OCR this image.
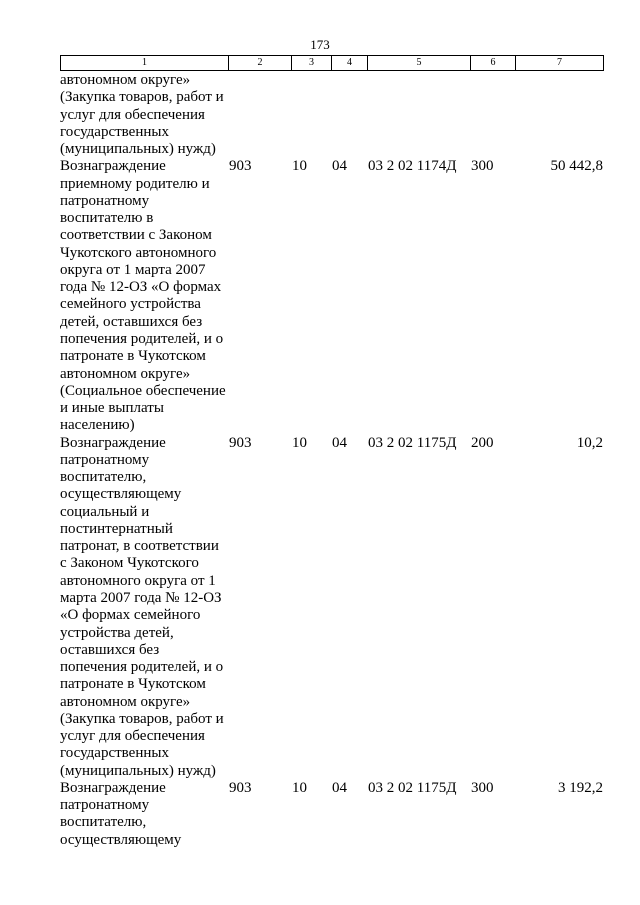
173
1	2	3	4	5	6	7
автономном округе»
(Закупка товаров, работ и
услуг для обеспечения
государственных
(муниципальных) нужд)
Вознаграждение
приемному родителю и
патронатному
воспитателю в
соответствии с Законом
Чукотского автономного
округа от 1 марта 2007
года № 12-ОЗ «О формах
семейного устройства
детей, оставшихся без
попечения родителей, и о
патронате в Чукотском
автономном округе»
(Социальное обеспечение
и иные выплаты
населению)
903	10	04	03 2 02 1174Д 300	50 442,8
Вознаграждение
патронатному
воспитателю,
осуществляющему
социальный и
постинтернатный
патронат, в соответствии
с Законом Чукотского
автономного округа от 1
марта 2007 года № 12-ОЗ
«О формах семейного
устройства детей,
оставшихся без
попечения родителей, и о
патронате в Чукотском
автономном округе»
(Закупка товаров, работ и
услуг для обеспечения
государственных
(муниципальных) нужд)
903	10	04	03 2 02 1175Д 200	10,2
Вознаграждение
патронатному
воспитателю,
осуществляющему
903	10	04	03 2 02 1175Д 300	3 192,2
